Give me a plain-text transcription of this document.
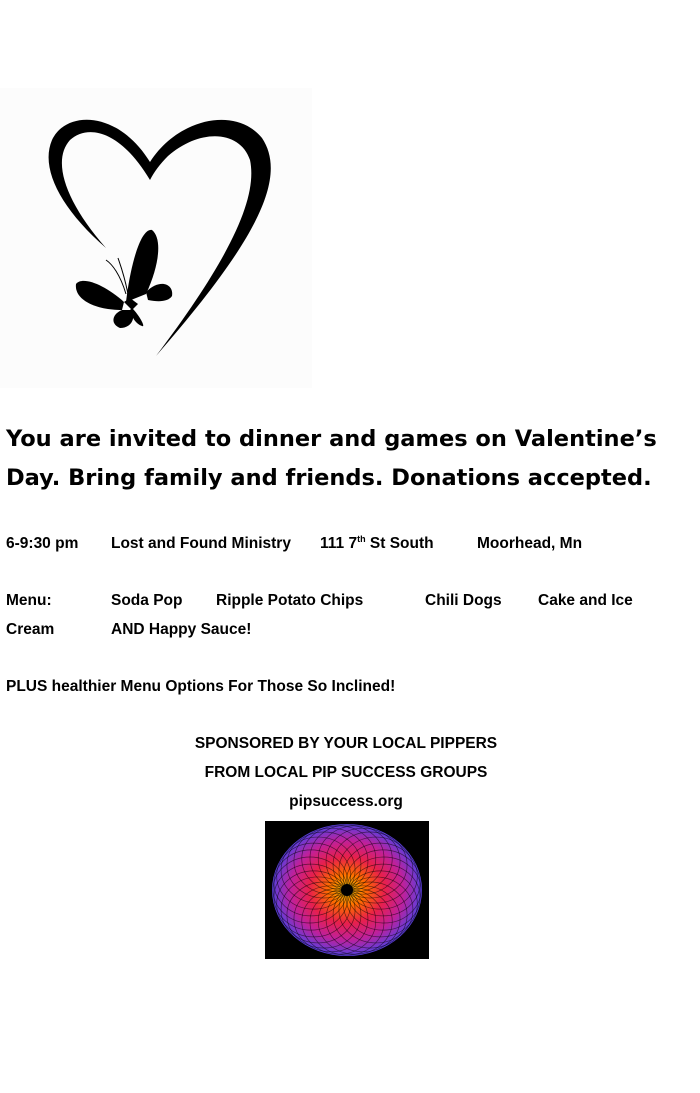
You are invited to dinner and games on Valentine’s
Day. Bring family and friends. Donations accepted.
6-9:30 pm Lost and Found Ministry 111 7th St South	Moorhead, Mn
Menu:	Soda Pop Ripple Potato Chips	Chili Dogs Cake and Ice
Cream	AND Happy Sauce!
PLUS healthier Menu Options For Those So Inclined!
SPONSORED BY YOUR LOCAL PIPPERS
FROM LOCAL PIP SUCCESS GROUPS
pipsuccess.org
